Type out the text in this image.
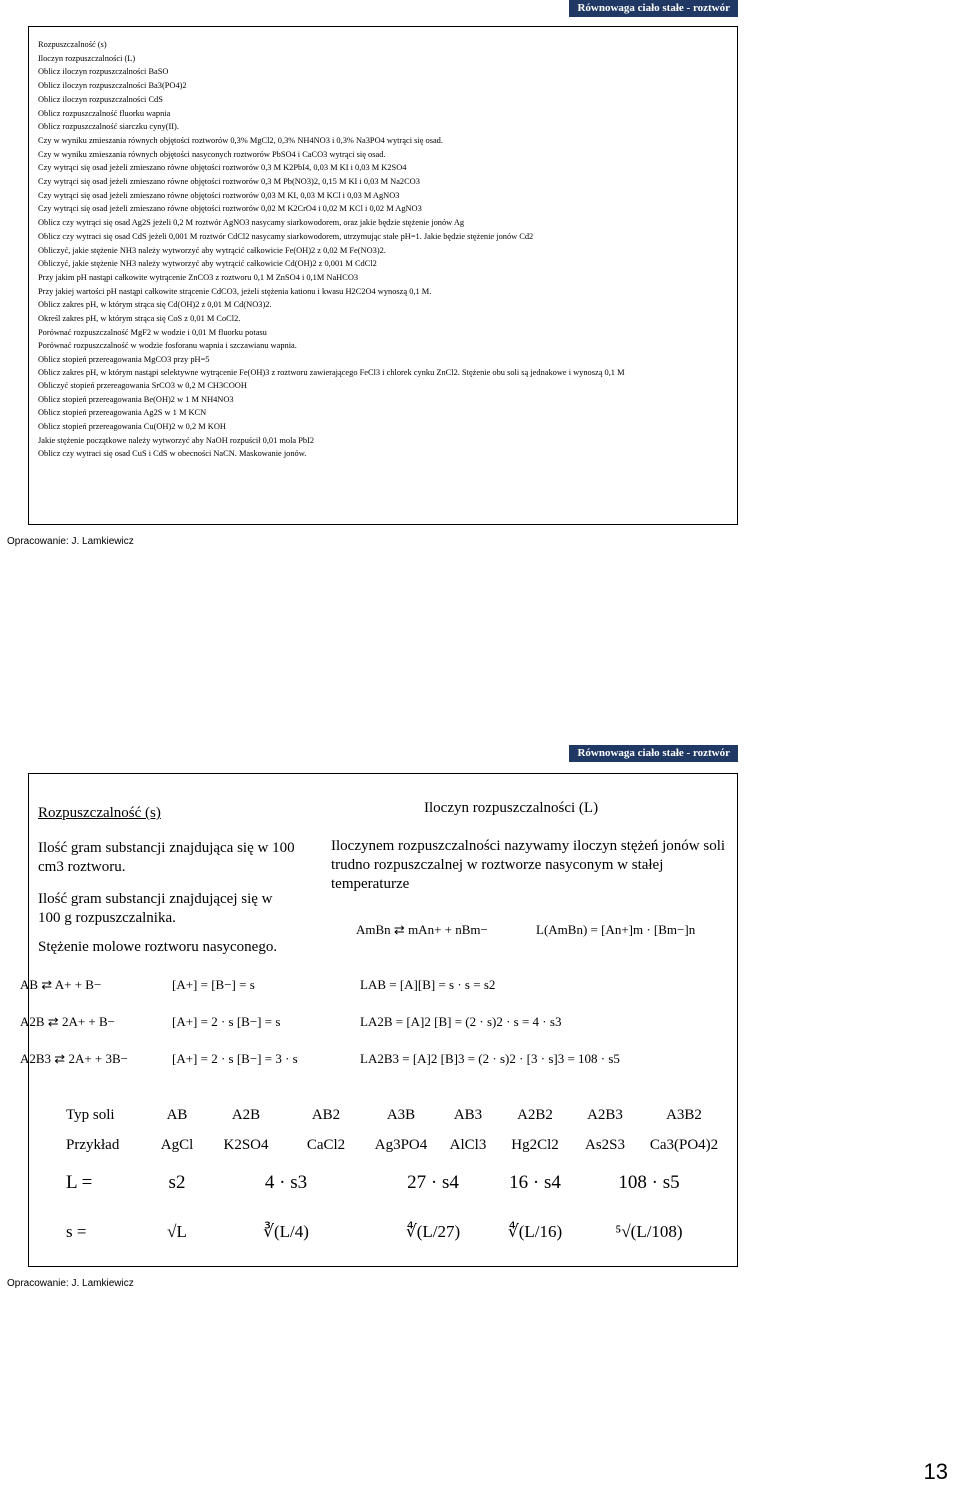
Równowaga ciało stałe - roztwór
Rozpuszczalność (s)
Iloczyn rozpuszczalności (L)
Oblicz iloczyn rozpuszczalności BaSO
Oblicz iloczyn rozpuszczalności Ba3(PO4)2
Oblicz iloczyn rozpuszczalności CdS
Oblicz rozpuszczalność fluorku wapnia
Oblicz rozpuszczalność siarczku cyny(II).
Czy w wyniku zmieszania równych objętości roztworów 0,3% MgCl2, 0,3% NH4NO3 i 0,3% Na3PO4 wytrąci się osad.
Czy w wyniku zmieszania równych objętości nasyconych roztworów PbSO4 i CaCO3 wytrąci się osad.
Czy wytrąci się osad jeżeli zmieszano równe objętości roztworów 0,3 M K2PbI4, 0,03 M KI i 0,03 M K2SO4
Czy wytrąci się osad jeżeli zmieszano równe objętości roztworów 0,3 M Pb(NO3)2, 0,15 M KI i 0,03 M Na2CO3
Czy wytrąci się osad jeżeli zmieszano równe objętości roztworów 0,03 M KI, 0,03 M KCl i 0,03 M AgNO3
Czy wytrąci się osad jeżeli zmieszano równe objętości roztworów 0,02 M K2CrO4 i 0,02 M KCl i 0,02 M AgNO3
Oblicz czy wytrąci się osad Ag2S jeżeli 0,2 M roztwór AgNO3 nasycamy siarkowodorem, oraz jakie będzie stężenie jonów Ag
Oblicz czy wytraci się osad CdS jeżeli 0,001 M roztwór CdCl2 nasycamy siarkowodorem, utrzymując stałe pH=1. Jakie będzie stężenie jonów Cd2
Obliczyć, jakie stężenie NH3 należy wytworzyć aby wytrącić całkowicie Fe(OH)2 z 0,02 M Fe(NO3)2.
Obliczyć, jakie stężenie NH3 należy wytworzyć aby wytrącić całkowicie Cd(OH)2 z 0,001 M CdCl2
Przy jakim pH nastąpi całkowite wytrącenie ZnCO3 z roztworu 0,1 M ZnSO4 i 0,1M NaHCO3
Przy jakiej wartości pH nastąpi całkowite strącenie CdCO3, jeżeli stężenia kationu i kwasu H2C2O4 wynoszą 0,1 M.
Oblicz zakres pH, w którym strąca się Cd(OH)2 z 0,01 M Cd(NO3)2.
Określ zakres pH, w którym strąca się CoS z 0,01 M CoCl2.
Porównać rozpuszczalność MgF2 w wodzie i 0,01 M fluorku potasu
Porównać rozpuszczalność w wodzie fosforanu wapnia i szczawianu wapnia.
Oblicz stopień przereagowania MgCO3 przy pH=5
Oblicz zakres pH, w którym nastąpi selektywne wytrącenie Fe(OH)3 z roztworu zawierającego FeCl3 i chlorek cynku ZnCl2. Stężenie obu soli są jednakowe i wynoszą 0,1 M
Obliczyć stopień przereagowania SrCO3 w 0,2 M CH3COOH
Oblicz stopień przereagowania Be(OH)2 w 1 M NH4NO3
Oblicz stopień przereagowania Ag2S w 1 M KCN
Oblicz stopień przereagowania Cu(OH)2 w 0,2 M KOH
Jakie stężenie początkowe należy wytworzyć aby NaOH rozpuścił 0,01 mola PbI2
Oblicz czy wytraci się osad CuS i CdS w obecności NaCN. Maskowanie jonów.
Opracowanie: J. Lamkiewicz
Równowaga ciało stałe - roztwór
Rozpuszczalność (s)
Ilość gram substancji znajdująca się w 100 cm3 roztworu.
Ilość gram substancji znajdującej się w 100 g rozpuszczalnika.
Stężenie molowe roztworu nasyconego.
Iloczyn rozpuszczalności (L)
Iloczynem rozpuszczalności nazywamy iloczyn stężeń jonów soli trudno rozpuszczalnej w roztworze nasyconym w stałej temperaturze
AmBn ⇄ mAn+ + nBm−	L(AmBn) = [An+]m · [Bm−]n
AB ⇄ A+ + B−	[A+] = [B−] = s	LAB = [A][B] = s · s = s2
A2B ⇄ 2A+ + B−	[A+] = 2 · s [B−] = s	LA2B = [A]2 [B] = (2 · s)2 · s = 4 · s3
A2B3 ⇄ 2A+ + 3B−	[A+] = 2 · s [B−] = 3 · s	LA2B3 = [A]2 [B]3 = (2 · s)2 · [3 · s]3 = 108 · s5
Typ soli	AB	A2B	AB2	A3B	AB3	A2B2	A2B3	A3B2
Przykład	AgCl	K2SO4	CaCl2	Ag3PO4	AlCl3	Hg2Cl2	As2S3	Ca3(PO4)2
L =	s2	4 · s3		27 · s4		16 · s4	108 · s5	
s =	√L	∛(L/4)		∜(L/27)		∜(L/16)	⁵√(L/108)	
Opracowanie: J. Lamkiewicz
13
